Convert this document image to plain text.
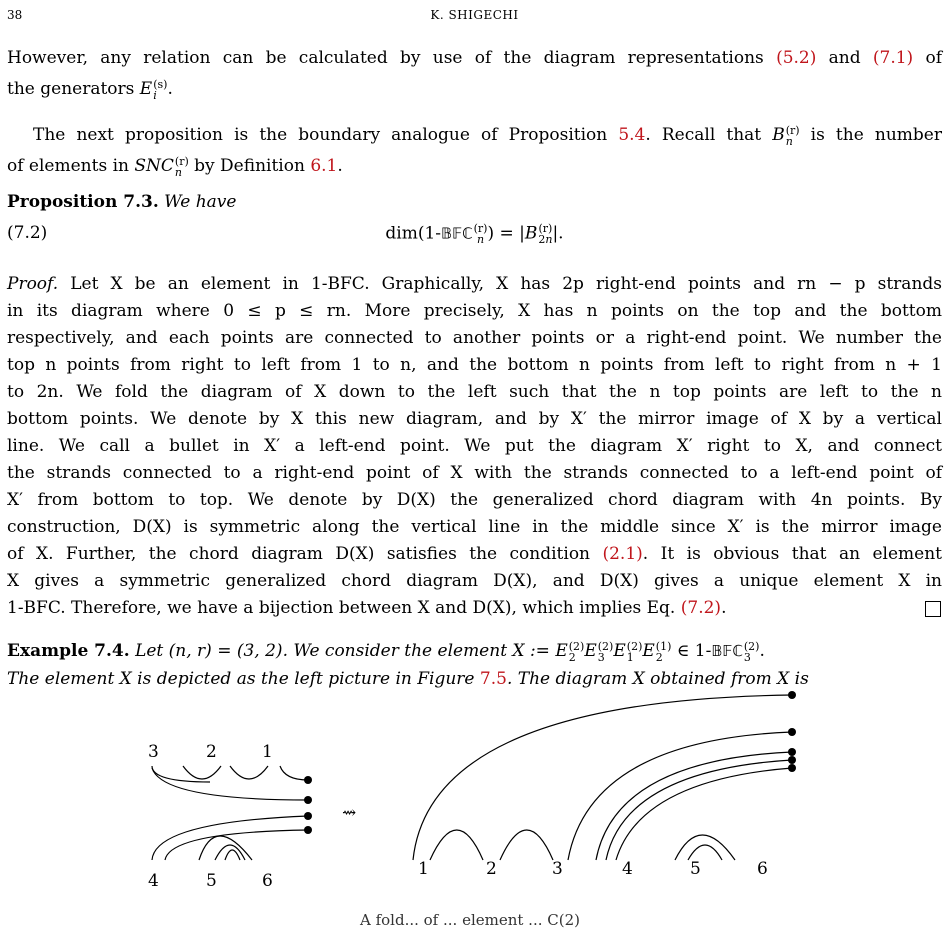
38	K. SHIGECHI

However, any relation can be calculated by use of the diagram representations (5.2) and (7.1) of

the generators E (s)
i .

The next proposition is the boundary analogue of Proposition 5.4. Recall that B (r)
n is the number

of elements in SNC (r)
n by Definition 6.1.

Proposition 7.3. We have

(7.2)	dim(1-𝔹𝔽ℂ (r)
n ) = |B (r)
2n |.

Proof. Let X be an element in 1-BFC. Graphically, X has 2p right-end points and rn − p strands

in its diagram where 0 ≤ p ≤ rn. More precisely, X has n points on the top and the bottom

respectively, and each points are connected to another points or a right-end point. We number the

top n points from right to left from 1 to n, and the bottom n points from left to right from n + 1

to 2n. We fold the diagram of X down to the left such that the n top points are left to the n

bottom points. We denote by X this new diagram, and by X′ the mirror image of X by a vertical

line. We call a bullet in X′ a left-end point. We put the diagram X′ right to X, and connect

the strands connected to a right-end point of X with the strands connected to a left-end point of

X′ from bottom to top. We denote by D(X) the generalized chord diagram with 4n points. By

construction, D(X) is symmetric along the vertical line in the middle since X′ is the mirror image

of X. Further, the chord diagram D(X) satisfies the condition (2.1). It is obvious that an element

X gives a symmetric generalized chord diagram D(X), and D(X) gives a unique element X in

1-BFC. Therefore, we have a bijection between X and D(X), which implies Eq. (7.2).

Example 7.4. Let (n, r) = (3, 2). We consider the element X := E (2)
2 E (2)
3 E (2)
1 E (1)
2 ∈ 1-𝔹𝔽ℂ (2)
3 .

The element X is depicted as the left picture in Figure 7.5. The diagram X obtained from X is

3	2	1
4	5	6
⇝
1	2	3	4	5	6

A fold... of ... element ... C(2)
